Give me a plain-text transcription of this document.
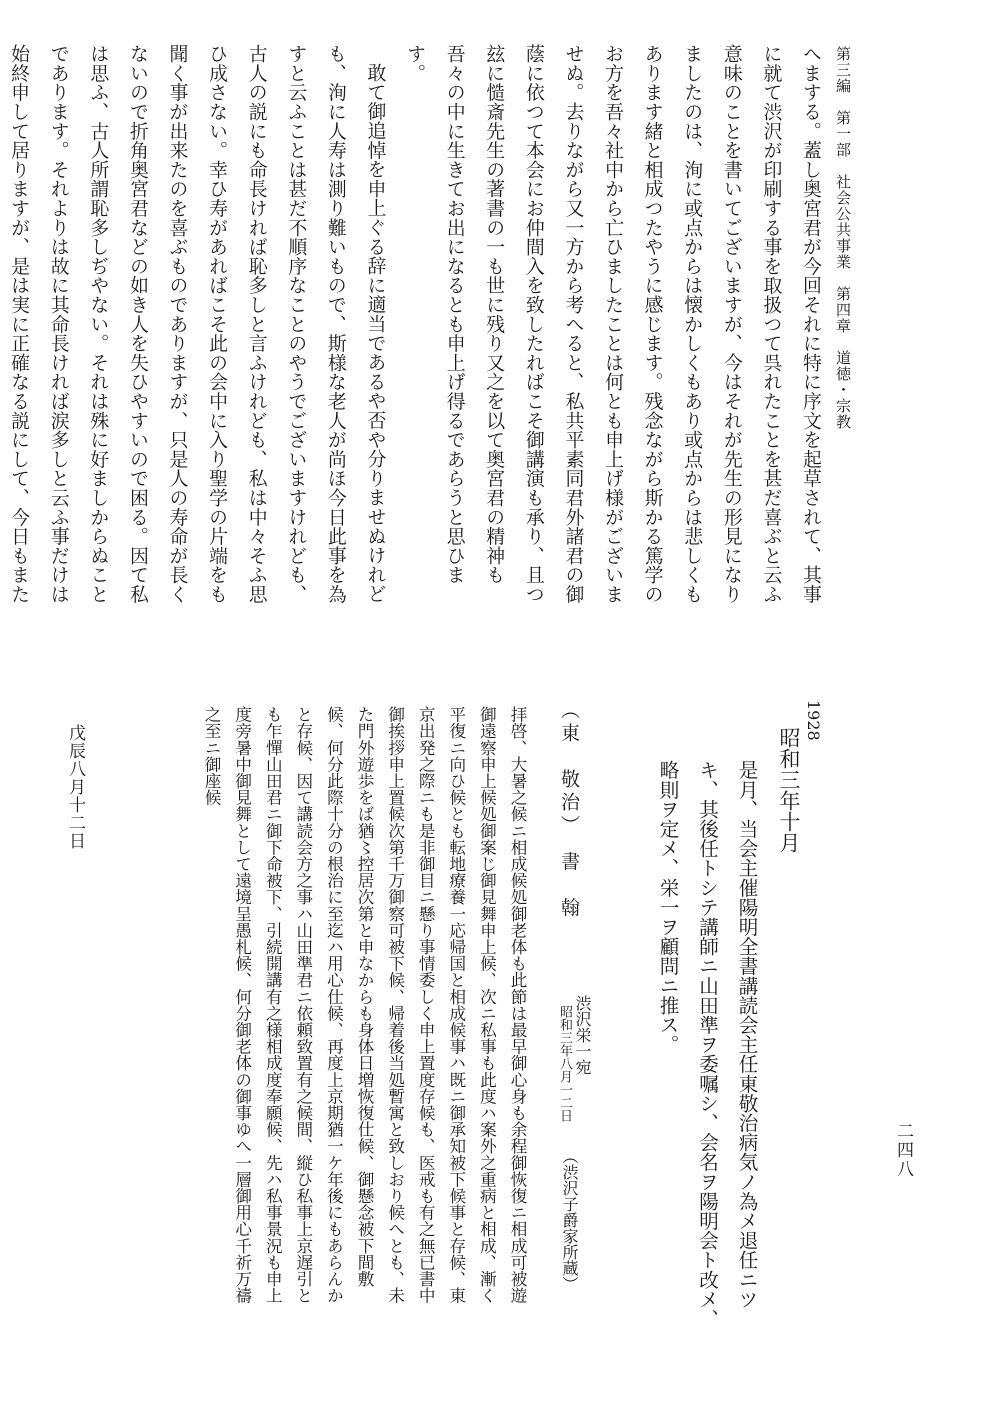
第三編　第一部　社会公共事業　第四章　道徳・宗教
二四八

へまする。蓋し奥宮君が今回それに特に序文を起草されて、其事に就て渋沢が印刷する事を取扱つて呉れたことを甚だ喜ぶと云ふ意味のことを書いてございますが、今はそれが先生の形見になりましたのは、洵に或点からは懐かしくもあり或点からは悲しくもあります緒と相成つたやうに感じます。残念ながら斯かる篤学のお方を吾々社中から亡ひましたことは何とも申上げ様がございませぬ。去りながら又一方から考へると、私共平素同君外諸君の御蔭に依つて本会にお仲間入を致したればこそ御講演も承り、且つ玆に慥斎先生の著書の一も世に残り又之を以て奥宮君の精神も吾々の中に生きてお出になるとも申上げ得るであらうと思ひます。

敢て御追悼を申上ぐる辞に適当であるや否や分りませぬけれども、洵に人寿は測り難いもので、斯様な老人が尚ほ今日此事を為すと云ふことは甚だ不順序なことのやうでございますけれども、古人の説にも命長ければ恥多しと言ふけれども、私は中々そふ思ひ成さない。幸ひ寿があればこそ此の会中に入り聖学の片端をも聞く事が出来たのを喜ぶものでありますが、只是人の寿命が長くないので折角奥宮君などの如き人を失ひやすいので困る。因て私は思ふ、古人所謂恥多しぢやない。それは殊に好ましからぬことであります。それよりは故に其命長ければ涙多しと云ふ事だけは始終申して居りますが、是は実に正確なる説にして、今日もまた

1928
昭和三年十月

是月、当会主催陽明全書講読会主任東敬治病気ノ為メ退任ニツキ、其後任トシテ講師ニ山田準ヲ委嘱シ、会名ヲ陽明会ト改メ、略則ヲ定メ、栄一ヲ顧問ニ推ス。

（東　敬治）　書　翰
渋沢栄一宛
昭和三年八月一二日
（渋沢子爵家所蔵）

拝啓、大暑之候ニ相成候処御老体も此節は最早御心身も余程御恢復ニ相成可被遊御遠察申上候処御案じ御見舞申上候、次ニ私事も此度ハ案外之重病と相成、漸く平復ニ向ひ候とも転地療養一応帰国と相成候事ハ既ニ御承知被下候事と存候、東京出発之際ニも是非御目ニ懸り事情委しく申上置度存候も、医戒も有之無已書中御挨拶申上置候次第千万御察可被下候、帰着後当処暫寓と致しおり候へとも、未た門外遊歩をば猶〻控居次第と申なからも身体日増恢復仕候、御懸念被下間敷候、何分此際十分の根治に至迄ハ用心仕候、再度上京期猶一ケ年後にもあらんかと存候、因て講読会方之事ハ山田準君ニ依頼致置有之候間、縦ひ私事上京遅引とも乍憚山田君ニ御下命被下、引続開講有之様相成度奉願候、先ハ私事景況も申上度旁暑中御見舞として遠境呈愚札候、何分御老体の御事ゆへ一層御用心千祈万禱之至ニ御座候

戊辰八月十二日
